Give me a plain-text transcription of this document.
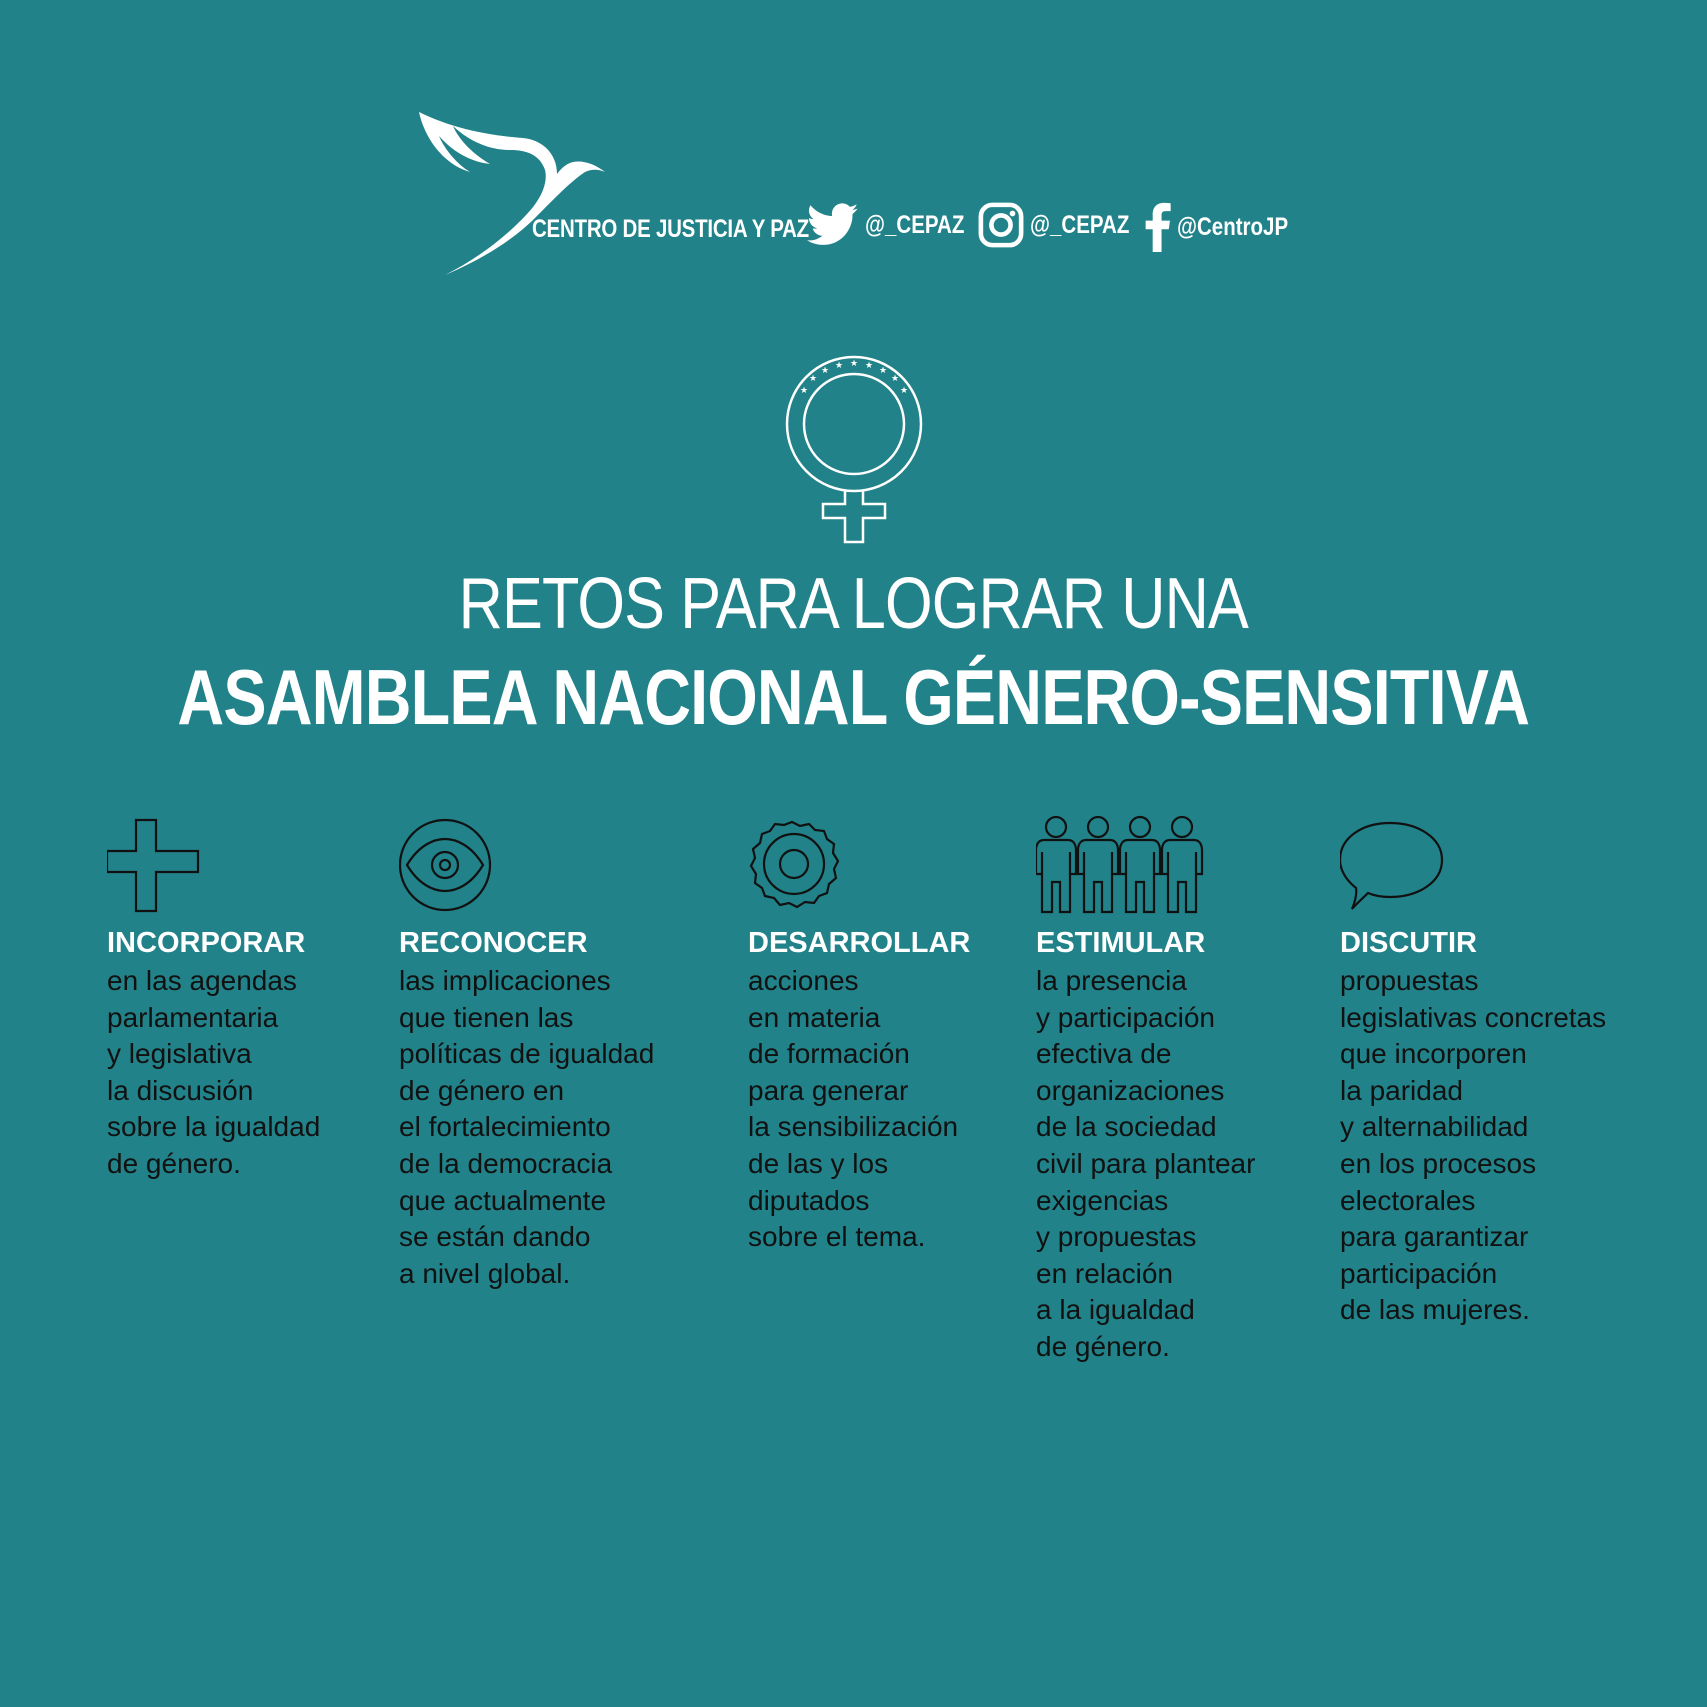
CENTRO DE JUSTICIA Y PAZ @_CEPAZ	@_CEPAZ @CentroJP
★
★
★ ★ ★ ★ ★
★
★
RETOS PARA LOGRAR UNA
ASAMBLEA NACIONAL GÉNERO-SENSITIVA
INCORPORAR
en las agendas
parlamentaria
y legislativa
la discusión
sobre la igualdad
de género.
RECONOCER
las implicaciones
que tienen las
políticas de igualdad
de género en
el fortalecimiento
de la democracia
que actualmente
se están dando
a nivel global.
DESARROLLAR
acciones
en materia
de formación
para generar
la sensibilización
de las y los
diputados
sobre el tema.
ESTIMULAR
la presencia
y participación
efectiva de
organizaciones
de la sociedad
civil para plantear
exigencias
y propuestas
en relación
a la igualdad
de género.
DISCUTIR
propuestas
legislativas concretas
que incorporen
la paridad
y alternabilidad
en los procesos
electorales
para garantizar
participación
de las mujeres.
